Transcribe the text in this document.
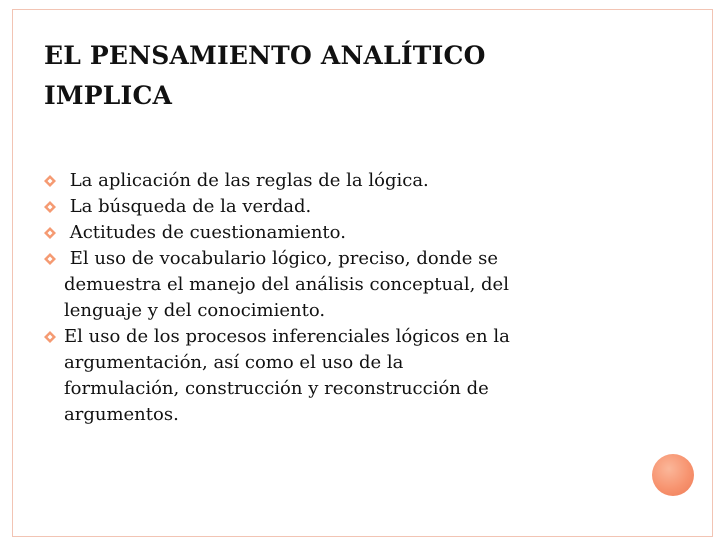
EL PENSAMIENTO ANALÍTICO
IMPLICA
La aplicación de las reglas de la lógica.
La búsqueda de la verdad.
Actitudes de cuestionamiento.
El uso de vocabulario lógico, preciso, donde se
demuestra el manejo del análisis conceptual, del
lenguaje y del conocimiento.
El uso de los procesos inferenciales lógicos en la
argumentación, así como el uso de la
formulación, construcción y reconstrucción de
argumentos.
